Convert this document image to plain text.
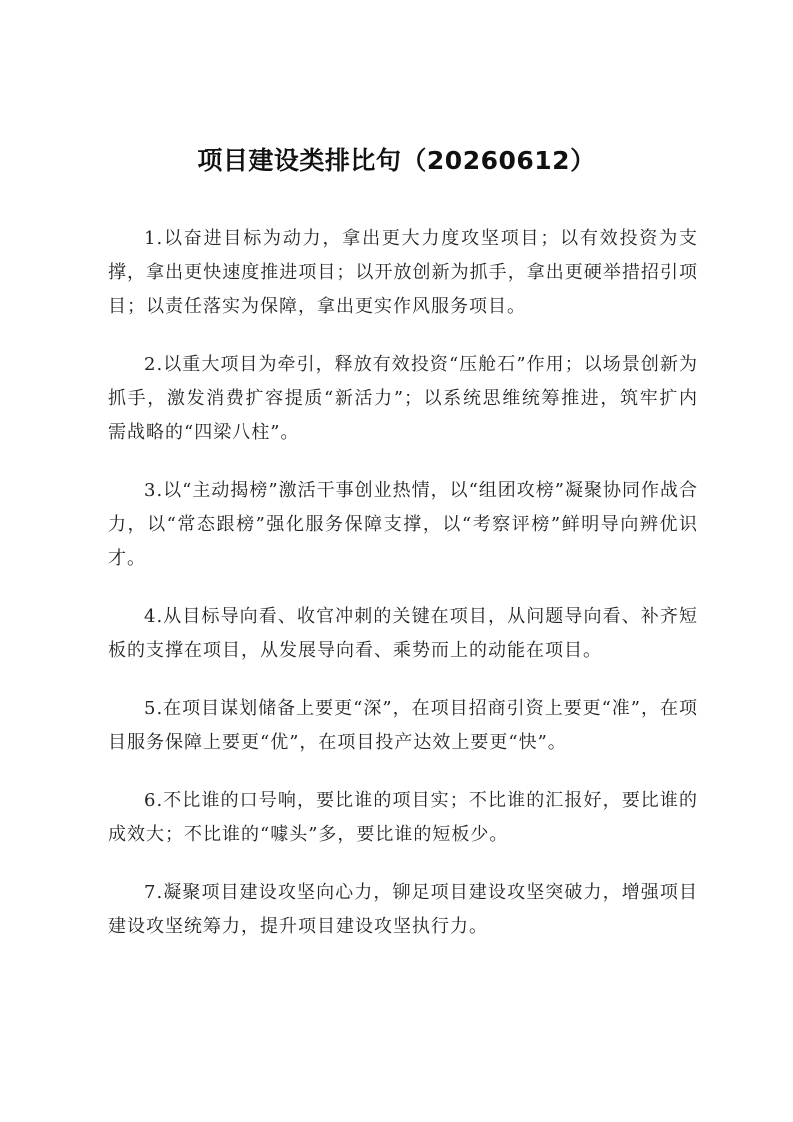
项目建设类排比句（20260612）

1.以奋进目标为动力，拿出更大力度攻坚项目；以有效投资为支撑，拿出更快速度推进项目；以开放创新为抓手，拿出更硬举措招引项目；以责任落实为保障，拿出更实作风服务项目。

2.以重大项目为牵引，释放有效投资“压舱石”作用；以场景创新为抓手，激发消费扩容提质“新活力”；以系统思维统筹推进，筑牢扩内需战略的“四梁八柱”。

3.以“主动揭榜”激活干事创业热情，以“组团攻榜”凝聚协同作战合力，以“常态跟榜”强化服务保障支撑，以“考察评榜”鲜明导向辨优识才。

4.从目标导向看、收官冲刺的关键在项目，从问题导向看、补齐短板的支撑在项目，从发展导向看、乘势而上的动能在项目。

5.在项目谋划储备上要更“深”，在项目招商引资上要更“准”，在项目服务保障上要更“优”，在项目投产达效上要更“快”。

6.不比谁的口号响，要比谁的项目实；不比谁的汇报好，要比谁的成效大；不比谁的“噱头”多，要比谁的短板少。

7.凝聚项目建设攻坚向心力，铆足项目建设攻坚突破力，增强项目建设攻坚统筹力，提升项目建设攻坚执行力。
